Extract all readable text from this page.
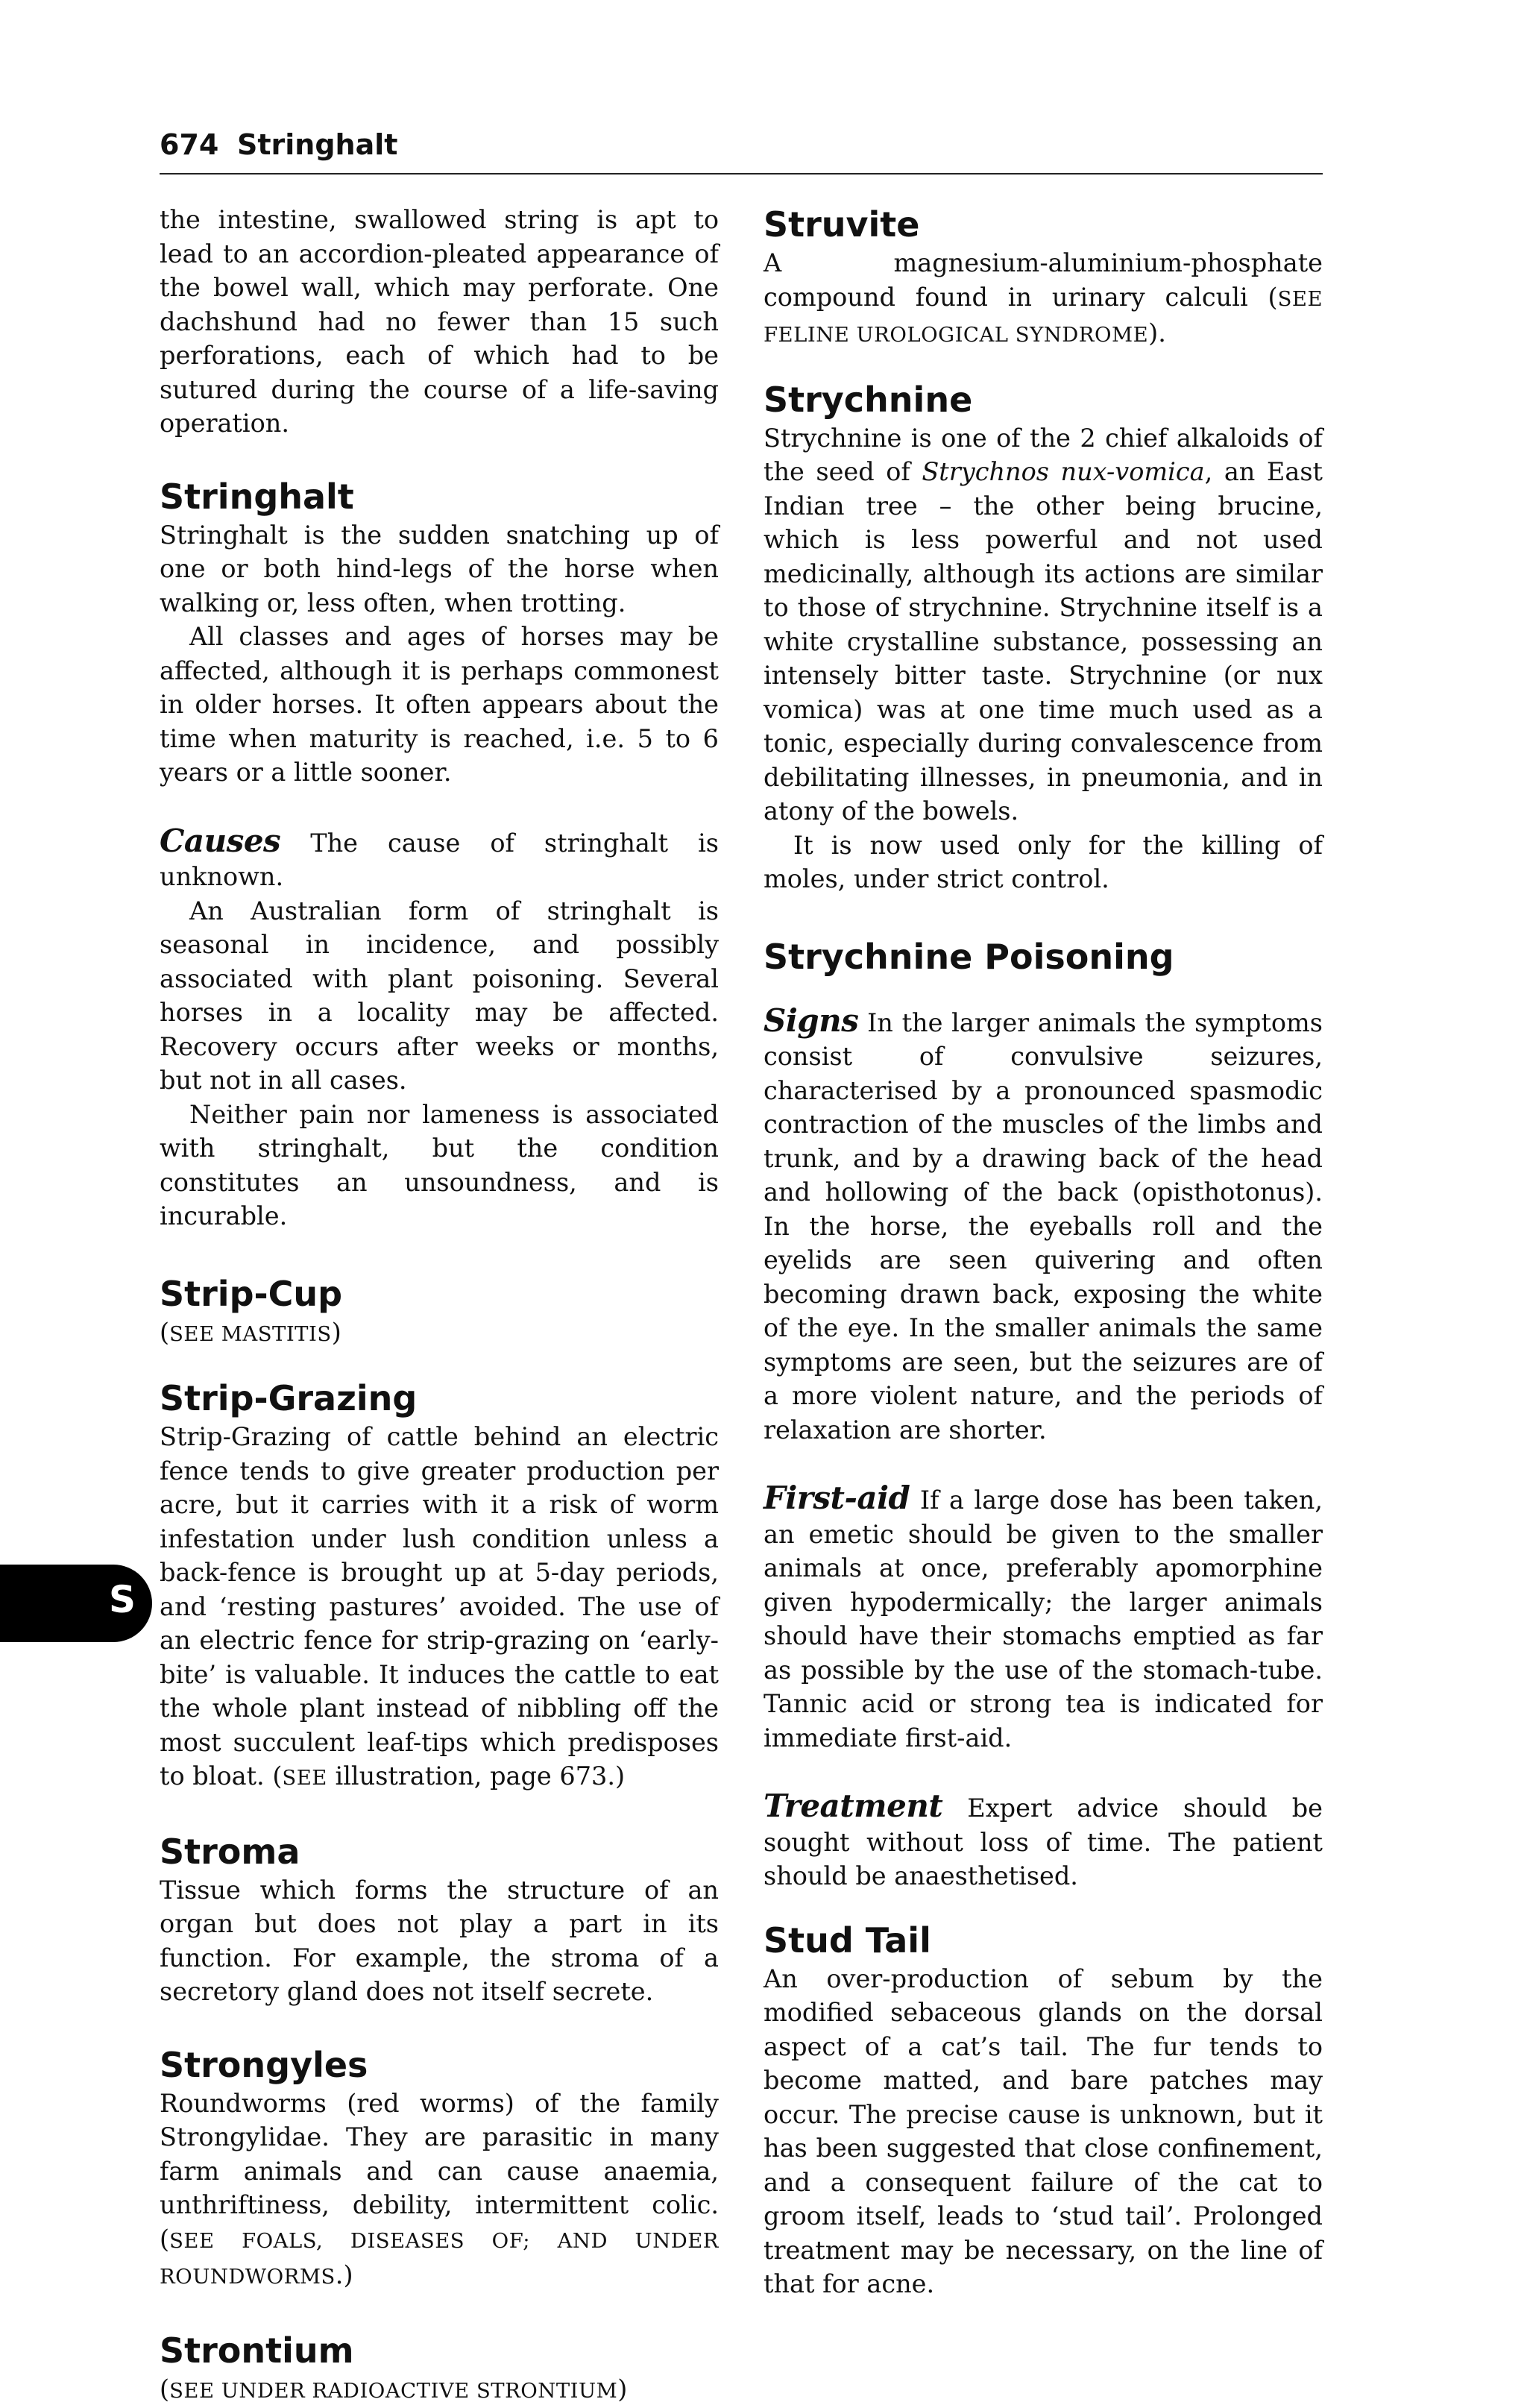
674 Stringhalt
S

the intestine, swallowed string is apt to lead to an accordion-pleated appearance of the bowel wall, which may perforate. One dachshund had no fewer than 15 such perforations, each of which had to be sutured during the course of a life-saving operation.

Stringhalt

Stringhalt is the sudden snatching up of one or both hind-legs of the horse when walking or, less often, when trotting.

All classes and ages of horses may be affected, although it is perhaps commonest in older horses. It often appears about the time when maturity is reached, i.e. 5 to 6 years or a little sooner.

Causes The cause of stringhalt is unknown.

An Australian form of stringhalt is seasonal in incidence, and possibly associated with plant poisoning. Several horses in a locality may be affected. Recovery occurs after weeks or months, but not in all cases.

Neither pain nor lameness is associated with stringhalt, but the condition constitutes an unsoundness, and is incurable.

Strip-Cup

(SEE MASTITIS)

Strip-Grazing

Strip-Grazing of cattle behind an electric fence tends to give greater production per acre, but it carries with it a risk of worm infestation under lush condition unless a back-fence is brought up at 5-day periods, and ‘resting pastures’ avoided. The use of an electric fence for strip-grazing on ‘early-bite’ is valuable. It induces the cattle to eat the whole plant instead of nibbling off the most succulent leaf-tips which predisposes to bloat. (SEE illustration, page 673.)

Stroma

Tissue which forms the structure of an organ but does not play a part in its function. For example, the stroma of a secretory gland does not itself secrete.

Strongyles

Roundworms (red worms) of the family Strongylidae. They are parasitic in many farm animals and can cause anaemia, unthriftiness, debility, intermittent colic. (SEE FOALS, DISEASES OF; AND UNDER ROUNDWORMS.)

Strontium

(SEE UNDER RADIOACTIVE STRONTIUM)

Struvite

A magnesium-aluminium-phosphate compound found in urinary calculi (SEE FELINE UROLOGICAL SYNDROME).

Strychnine

Strychnine is one of the 2 chief alkaloids of the seed of Strychnos nux-vomica, an East Indian tree – the other being brucine, which is less powerful and not used medicinally, although its actions are similar to those of strychnine. Strychnine itself is a white crystalline substance, possessing an intensely bitter taste. Strychnine (or nux vomica) was at one time much used as a tonic, especially during convalescence from debilitating illnesses, in pneumonia, and in atony of the bowels.

It is now used only for the killing of moles, under strict control.

Strychnine Poisoning

Signs In the larger animals the symptoms consist of convulsive seizures, characterised by a pronounced spasmodic contraction of the muscles of the limbs and trunk, and by a drawing back of the head and hollowing of the back (opisthotonus). In the horse, the eyeballs roll and the eyelids are seen quivering and often becoming drawn back, exposing the white of the eye. In the smaller animals the same symptoms are seen, but the seizures are of a more violent nature, and the periods of relaxation are shorter.

First-aid If a large dose has been taken, an emetic should be given to the smaller animals at once, preferably apomorphine given hypodermically; the larger animals should have their stomachs emptied as far as possible by the use of the stomach-tube. Tannic acid or strong tea is indicated for immediate first-aid.

Treatment Expert advice should be sought without loss of time. The patient should be anaesthetised.

Stud Tail

An over-production of sebum by the modified sebaceous glands on the dorsal aspect of a cat’s tail. The fur tends to become matted, and bare patches may occur. The precise cause is unknown, but it has been suggested that close confinement, and a consequent failure of the cat to groom itself, leads to ‘stud tail’. Prolonged treatment may be necessary, on the line of that for acne.
